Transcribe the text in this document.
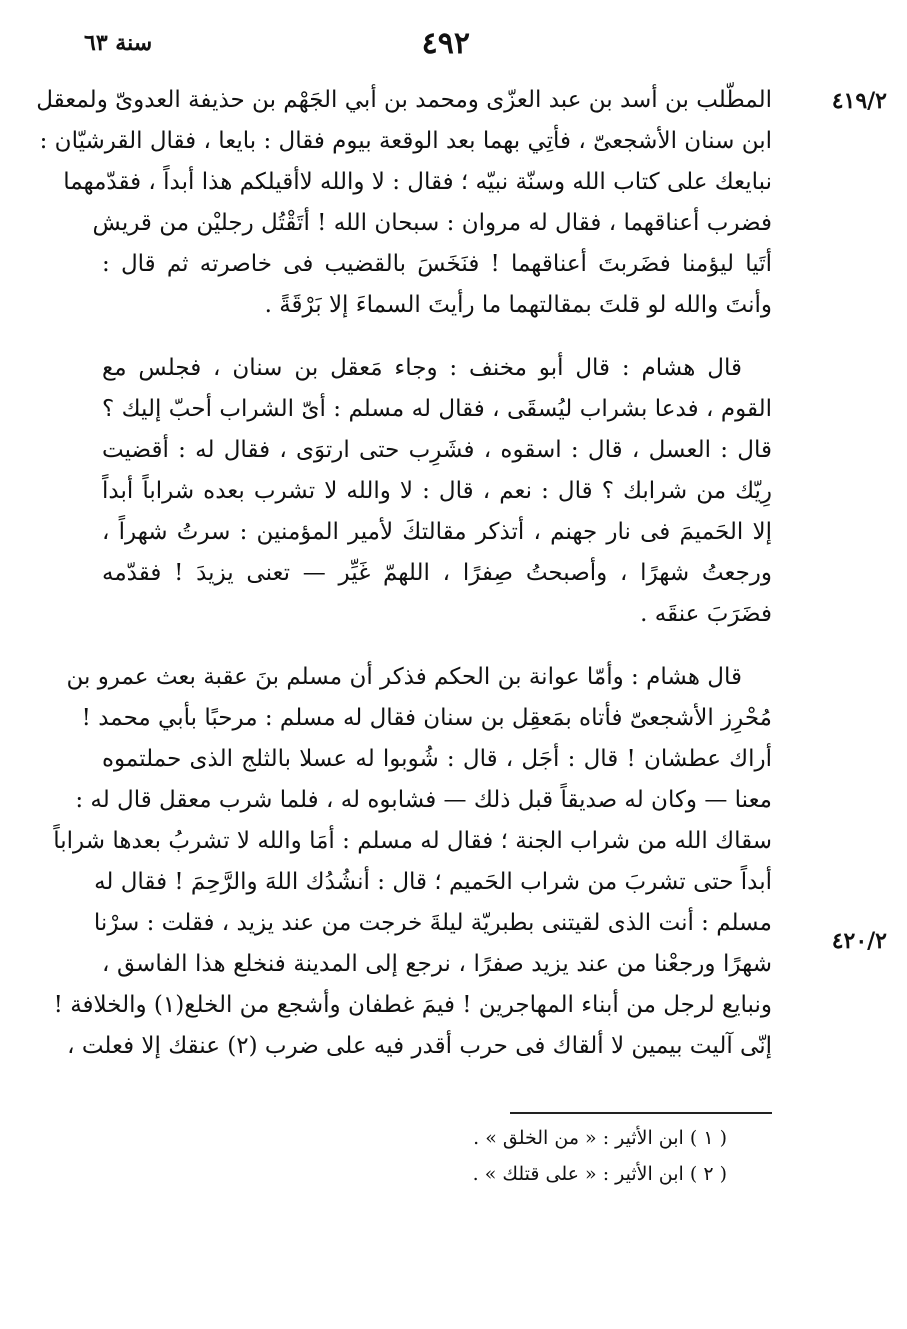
٤٩٢
سنة ٦٣
٤١٩/٢
٤٢٠/٢
المطّلب بن أسد بن عبد العزّى ومحمد بن أبي الجَهْم بن حذيفة العدوىّ ولمعقل
ابن سنان الأشجعىّ ، فأتِي بهما بعد الوقعة بيوم فقال : بايعا ، فقال القرشيّان :
نبايعك على كتاب الله وسنّة نبيّه ؛ فقال : لا والله لاأقيلكم هذا أبداً ، فقدّمهما
فضرب أعناقهما ، فقال له مروان : سبحان الله ! أتَقْتُل رجليْن من قريش
أتَيا ليؤمنا فضَربتَ أعناقهما ! فنَخَسَ بالقضيب فى خاصرته ثم قال :
وأنتَ والله لو قلتَ بمقالتهما ما رأيتَ السماءَ إلا بَرْقَةً .
قال هشام : قال أبو مخنف : وجاء مَعقل بن سنان ، فجلس مع
القوم ، فدعا بشراب ليُسقَى ، فقال له مسلم : أىّ الشراب أحبّ إليك ؟
قال : العسل ، قال : اسقوه ، فشَرِب حتى ارتوَى ، فقال له : أقضيت
رِيّك من شرابك ؟ قال : نعم ، قال : لا والله لا تشرب بعده شراباً أبداً
إلا الحَميمَ فى نار جهنم ، أتذكر مقالتكَ لأمير المؤمنين : سرتُ شهراً ،
ورجعتُ شهرًا ، وأصبحتُ صِفرًا ، اللهمّ غَيِّر — تعنى يزيدَ ! فقدّمه
فضَرَبَ عنقَه .
قال هشام : وأمّا عوانة بن الحكم فذكر أن مسلم بنَ عقبة بعث عمرو بن
مُحْرِز الأشجعىّ فأتاه بمَعقِل بن سنان فقال له مسلم : مرحبًا بأبي محمد !
أراك عطشان ! قال : أجَل ، قال : شُوبوا له عسلا بالثلج الذى حملتموه
معنا — وكان له صديقاً قبل ذلك — فشابوه له ، فلما شرب معقل قال له :
سقاك الله من شراب الجنة ؛ فقال له مسلم : أمَا والله لا تشربُ بعدها شراباً
أبداً حتى تشربَ من شراب الحَميم ؛ قال : أنشُدُك اللهَ والرَّحِمَ ! فقال له
مسلم : أنت الذى لقيتنى بطبريّة ليلةَ خرجت من عند يزيد ، فقلت : سرْنا
شهرًا ورجعْنا من عند يزيد صفرًا ، نرجع إلى المدينة فنخلع هذا الفاسق ،
ونبايع لرجل من أبناء المهاجرين ! فيمَ غطفان وأشجع من الخلع(١) والخلافة !
إنّى آليت بيمين لا ألقاك فى حرب أقدر فيه على ضرب (٢) عنقك إلا فعلت ،
( ١ ) ابن الأثير : « من الخلق » .
( ٢ ) ابن الأثير : « على قتلك » .
